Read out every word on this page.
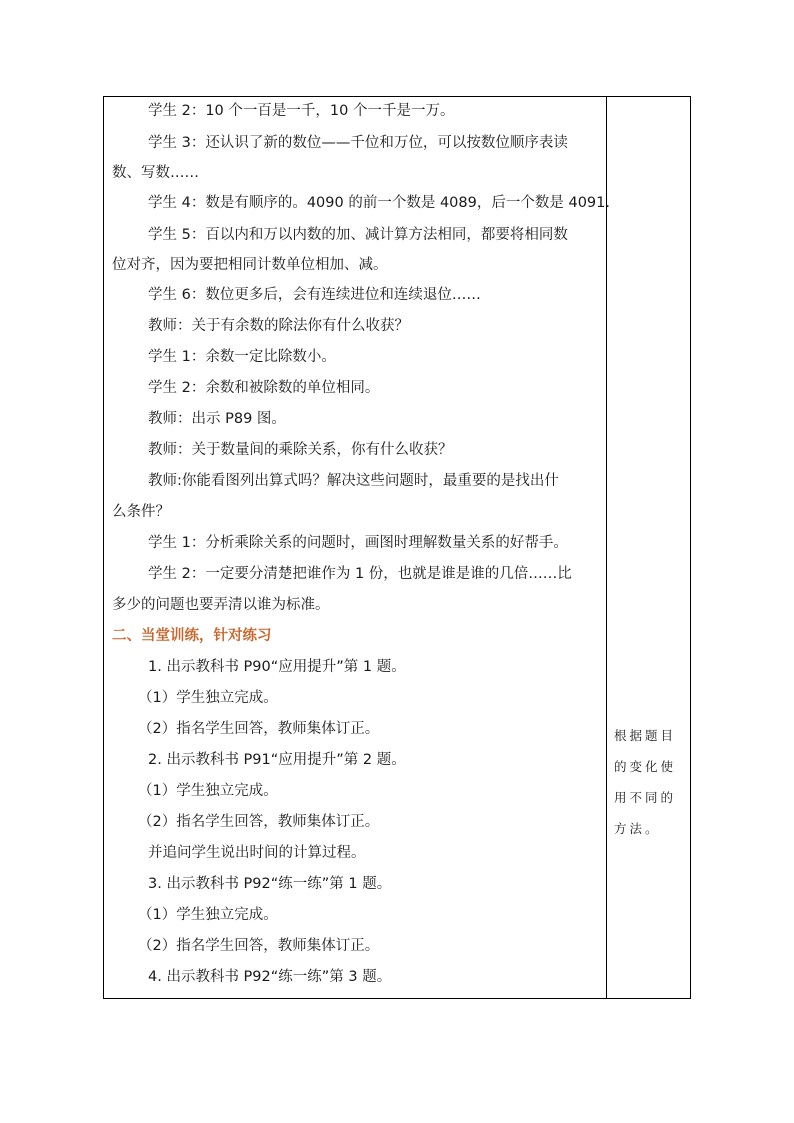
学生 2：10 个一百是一千，10 个一千是一万。
学生 3：还认识了新的数位——千位和万位，可以按数位顺序表读
数、写数……
学生 4：数是有顺序的。4090 的前一个数是 4089，后一个数是 4091.
学生 5：百以内和万以内数的加、减计算方法相同，都要将相同数
位对齐，因为要把相同计数单位相加、减。
学生 6：数位更多后，会有连续进位和连续退位……
教师：关于有余数的除法你有什么收获？
学生 1：余数一定比除数小。
学生 2：余数和被除数的单位相同。
教师：出示 P89 图。
教师：关于数量间的乘除关系，你有什么收获？
教师:你能看图列出算式吗？解决这些问题时，最重要的是找出什
么条件？
学生 1：分析乘除关系的问题时，画图时理解数量关系的好帮手。
学生 2：一定要分清楚把谁作为 1 份，也就是谁是谁的几倍……比
多少的问题也要弄清以谁为标准。
二、当堂训练，针对练习
1. 出示教科书 P90“应用提升”第 1 题。
（1）学生独立完成。
（2）指名学生回答，教师集体订正。
2. 出示教科书 P91“应用提升”第 2 题。
（1）学生独立完成。
（2）指名学生回答，教师集体订正。
并追问学生说出时间的计算过程。
3. 出示教科书 P92“练一练”第 1 题。
（1）学生独立完成。
（2）指名学生回答，教师集体订正。
4. 出示教科书 P92“练一练”第 3 题。
根据题目
的变化使
用不同的
方法。
